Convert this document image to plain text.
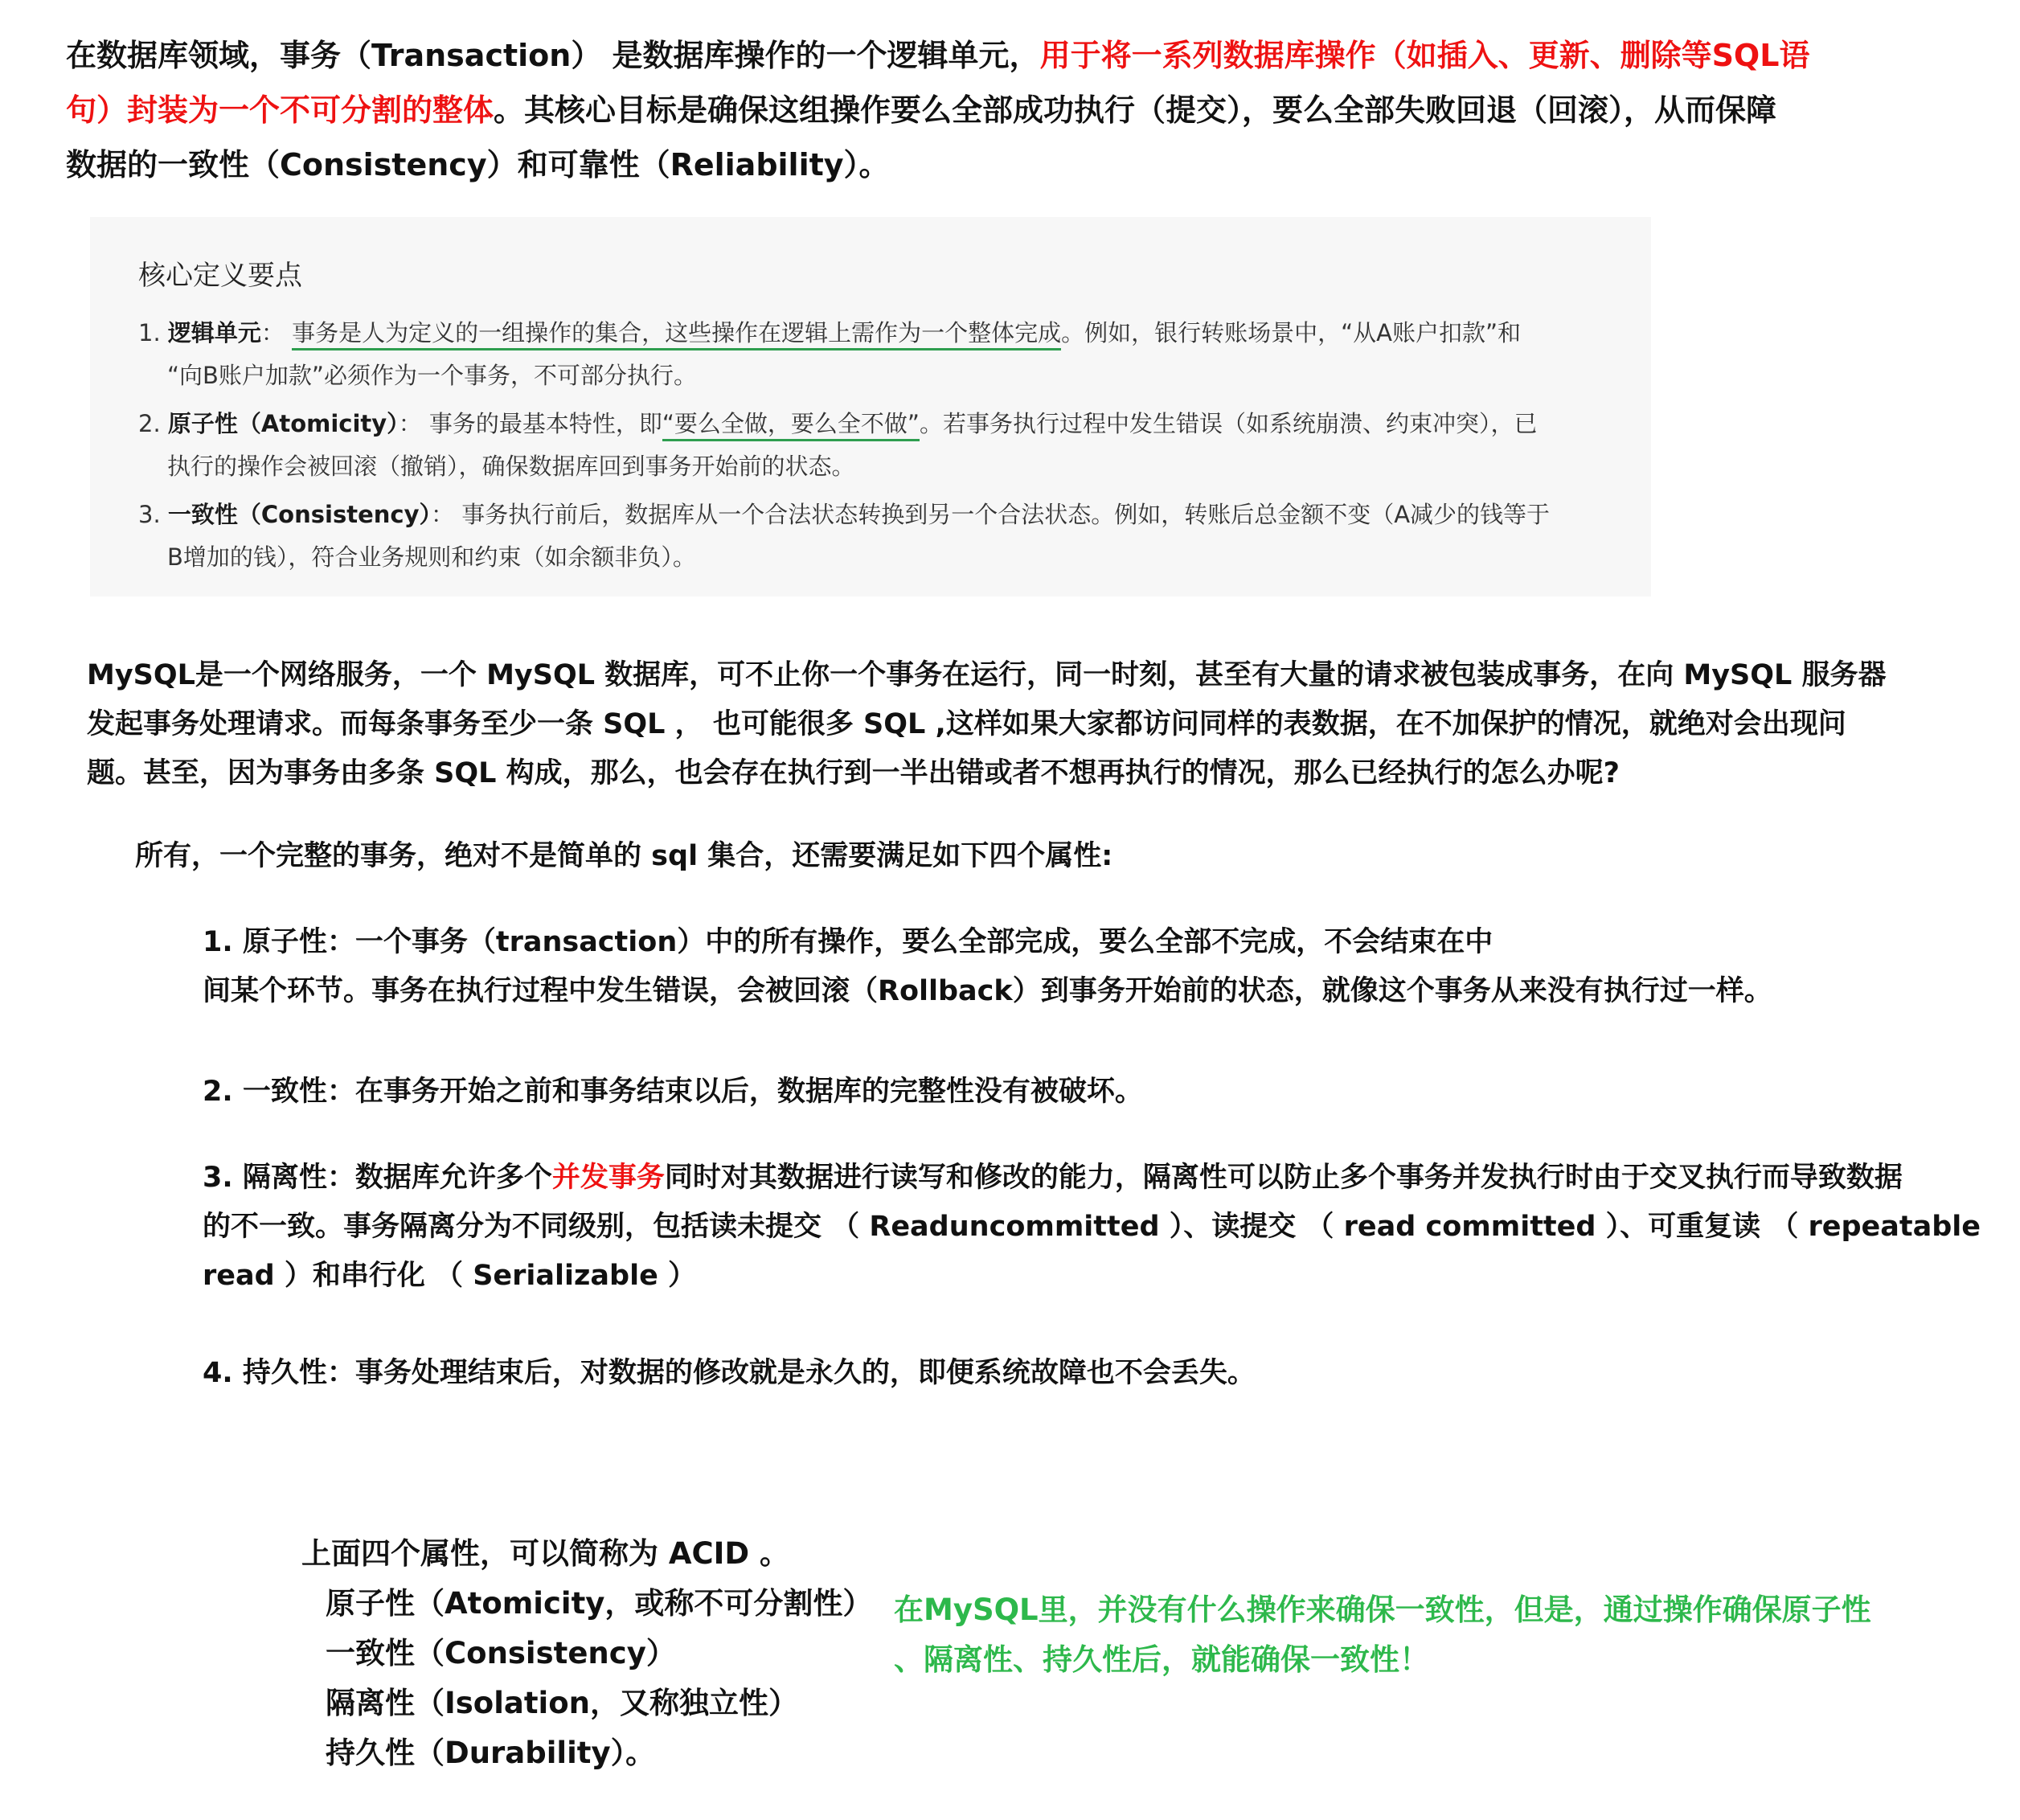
在数据库领域，事务（Transaction） 是数据库操作的一个逻辑单元，用于将一系列数据库操作（如插入、更新、删除等SQL语
句）封装为一个不可分割的整体。其核心目标是确保这组操作要么全部成功执行（提交），要么全部失败回退（回滚），从而保障
数据的一致性（Consistency）和可靠性（Reliability）。
核心定义要点
1. 逻辑单元： 事务是人为定义的一组操作的集合，这些操作在逻辑上需作为一个整体完成。例如，银行转账场景中，“从A账户扣款”和
“向B账户加款”必须作为一个事务，不可部分执行。
2. 原子性（Atomicity）： 事务的最基本特性，即“要么全做，要么全不做”。若事务执行过程中发生错误（如系统崩溃、约束冲突），已
执行的操作会被回滚（撤销），确保数据库回到事务开始前的状态。
3. 一致性（Consistency）： 事务执行前后，数据库从一个合法状态转换到另一个合法状态。例如，转账后总金额不变（A减少的钱等于
B增加的钱），符合业务规则和约束（如余额非负）。
MySQL是一个网络服务，一个 MySQL 数据库，可不止你一个事务在运行，同一时刻，甚至有大量的请求被包装成事务，在向 MySQL 服务器
发起事务处理请求。而每条事务至少一条 SQL ， 也可能很多 SQL ,这样如果大家都访问同样的表数据，在不加保护的情况，就绝对会出现问
题。甚至，因为事务由多条 SQL 构成，那么，也会存在执行到一半出错或者不想再执行的情况，那么已经执行的怎么办呢?
所有，一个完整的事务，绝对不是简单的 sql 集合，还需要满足如下四个属性:
1. 原子性：一个事务（transaction）中的所有操作，要么全部完成，要么全部不完成，不会结束在中
间某个环节。事务在执行过程中发生错误，会被回滚（Rollback）到事务开始前的状态，就像这个事务从来没有执行过一样。
2. 一致性：在事务开始之前和事务结束以后，数据库的完整性没有被破坏。
3. 隔离性：数据库允许多个并发事务同时对其数据进行读写和修改的能力，隔离性可以防止多个事务并发执行时由于交叉执行而导致数据
的不一致。事务隔离分为不同级别，包括读未提交 （ Readuncommitted ）、读提交 （ read committed ）、可重复读 （ repeatable
read ）和串行化 （ Serializable ）
4. 持久性：事务处理结束后，对数据的修改就是永久的，即便系统故障也不会丢失。
上面四个属性，可以简称为 ACID 。
原子性（Atomicity，或称不可分割性）
一致性（Consistency）
隔离性（Isolation，又称独立性）
持久性（Durability）。
在MySQL里，并没有什么操作来确保一致性，但是，通过操作确保原子性
、隔离性、持久性后，就能确保一致性！
